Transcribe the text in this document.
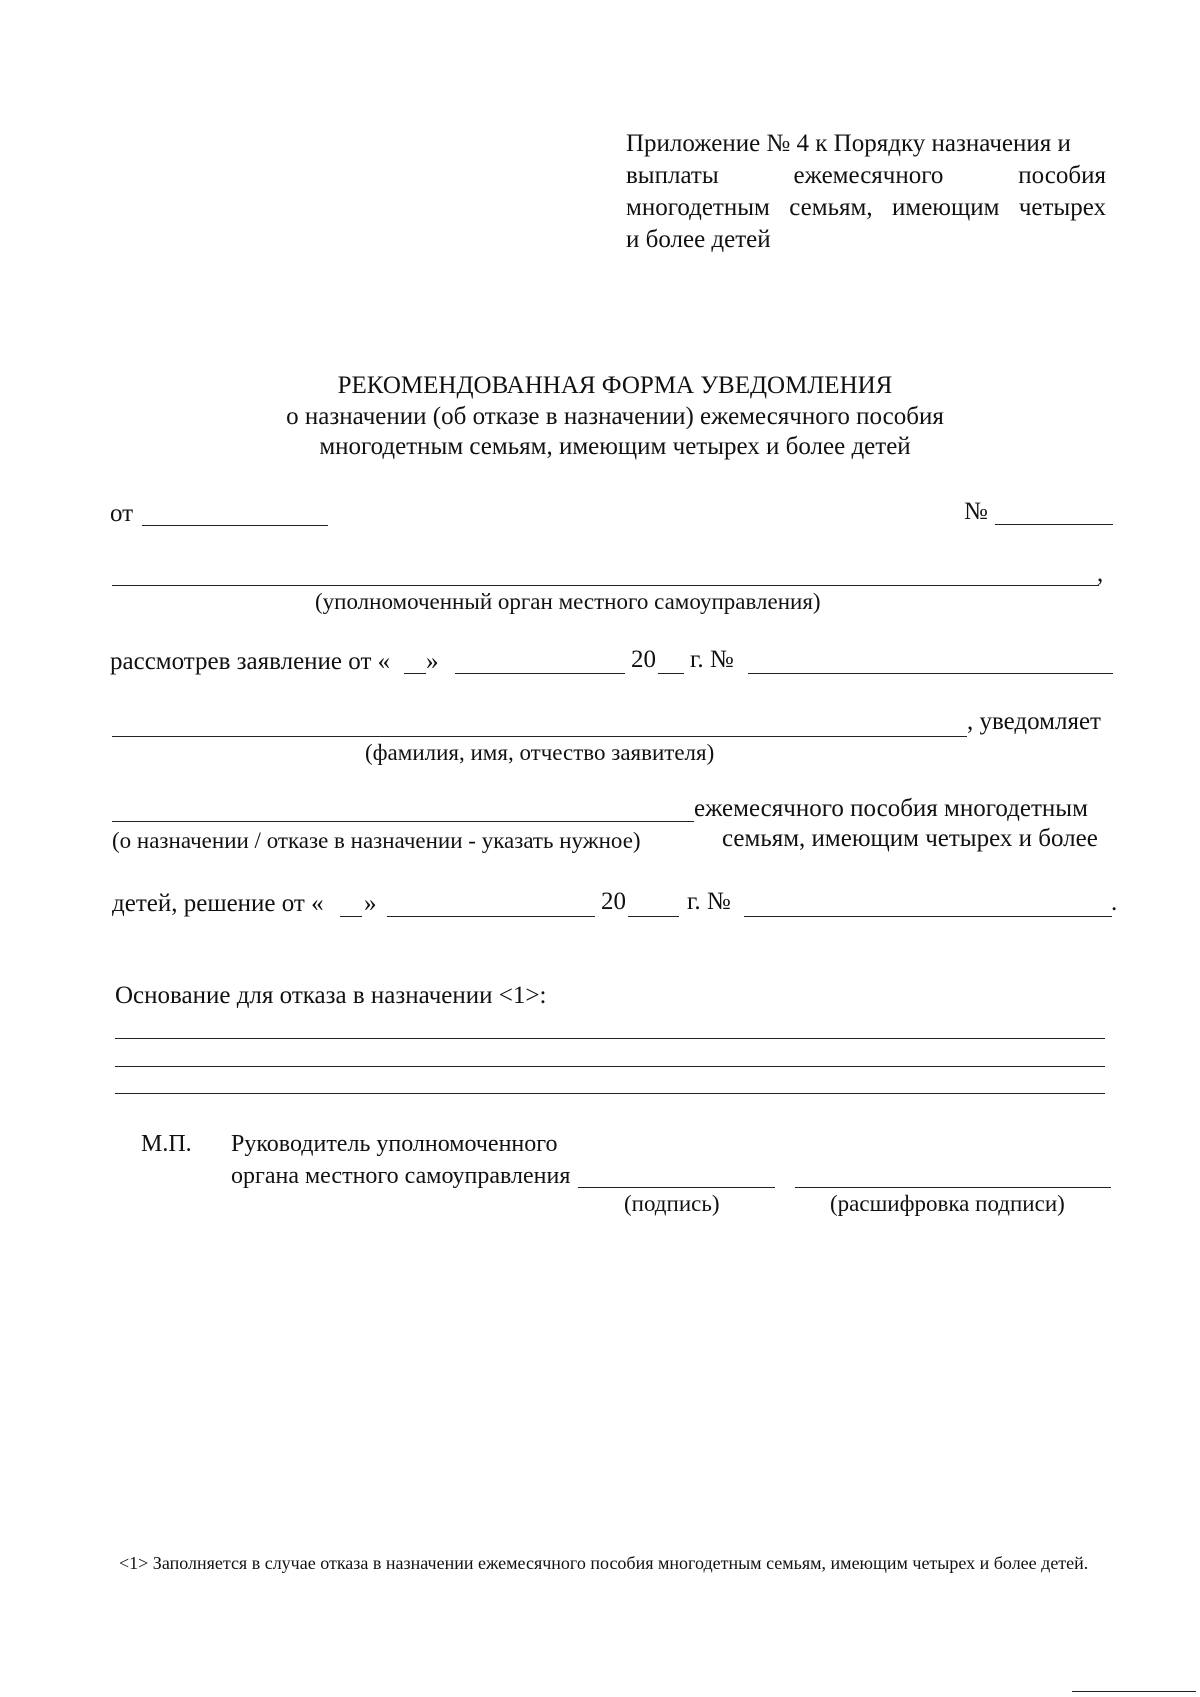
Приложение № 4 к Порядку назначения и
выплаты	ежемесячного	пособия
многодетным семьям, имеющим четырех
и более детей
РЕКОМЕНДОВАННАЯ ФОРМА УВЕДОМЛЕНИЯ
о назначении (об отказе в назначении) ежемесячного пособия
многодетным семьям, имеющим четырех и более детей
от	№
,
(уполномоченный орган местного самоуправления)
рассмотрев заявление от « »	20 г. №
, уведомляет
(фамилия, имя, отчество заявителя)
ежемесячного пособия многодетным
(о назначении / отказе в назначении - указать нужное)	семьям, имеющим четырех и более
детей, решение от « »	20 г. №	.
Основание для отказа в назначении <1>:
М.П. Руководитель уполномоченного
органа местного самоуправления
(подпись)	(расшифровка подписи)
<1> Заполняется в случае отказа в назначении ежемесячного пособия многодетным семьям, имеющим четырех и более детей.
